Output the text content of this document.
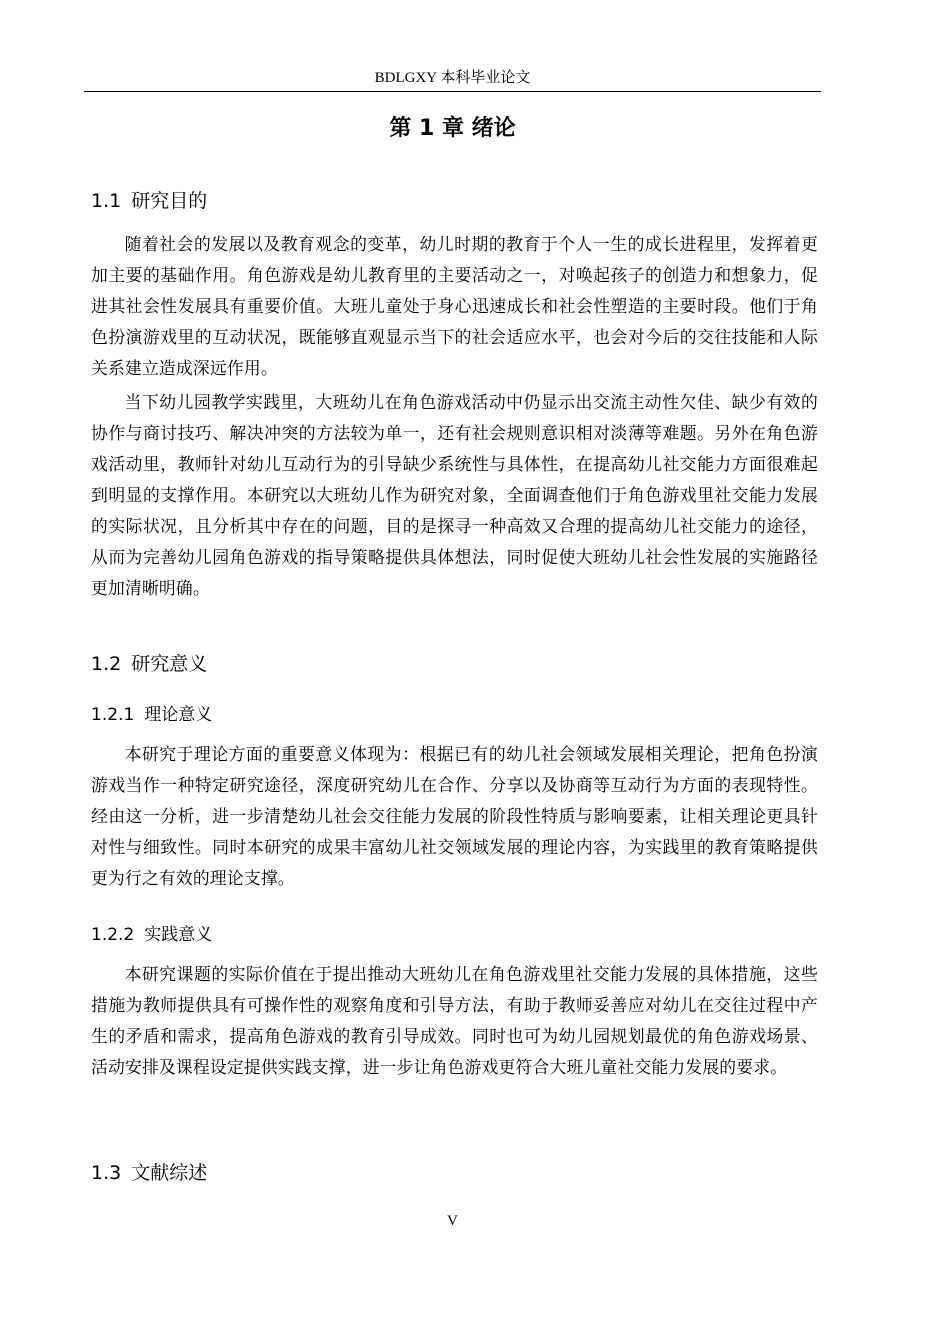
BDLGXY 本科毕业论文
第 1 章 绪论
1.1 研究目的

随着社会的发展以及教育观念的变革，幼儿时期的教育于个人一生的成长进程里，发挥着更加主要的基础作用。角色游戏是幼儿教育里的主要活动之一，对唤起孩子的创造力和想象力，促进其社会性发展具有重要价值。大班儿童处于身心迅速成长和社会性塑造的主要时段。他们于角色扮演游戏里的互动状况，既能够直观显示当下的社会适应水平，也会对今后的交往技能和人际关系建立造成深远作用。

当下幼儿园教学实践里，大班幼儿在角色游戏活动中仍显示出交流主动性欠佳、缺少有效的协作与商讨技巧、解决冲突的方法较为单一，还有社会规则意识相对淡薄等难题。另外在角色游戏活动里，教师针对幼儿互动行为的引导缺少系统性与具体性，在提高幼儿社交能力方面很难起到明显的支撑作用。本研究以大班幼儿作为研究对象，全面调查他们于角色游戏里社交能力发展的实际状况，且分析其中存在的问题，目的是探寻一种高效又合理的提高幼儿社交能力的途径，从而为完善幼儿园角色游戏的指导策略提供具体想法，同时促使大班幼儿社会性发展的实施路径更加清晰明确。

1.2 研究意义
1.2.1 理论意义

本研究于理论方面的重要意义体现为：根据已有的幼儿社会领域发展相关理论，把角色扮演游戏当作一种特定研究途径，深度研究幼儿在合作、分享以及协商等互动行为方面的表现特性。经由这一分析，进一步清楚幼儿社会交往能力发展的阶段性特质与影响要素，让相关理论更具针对性与细致性。同时本研究的成果丰富幼儿社交领域发展的理论内容，为实践里的教育策略提供更为行之有效的理论支撑。

1.2.2 实践意义

本研究课题的实际价值在于提出推动大班幼儿在角色游戏里社交能力发展的具体措施，这些措施为教师提供具有可操作性的观察角度和引导方法，有助于教师妥善应对幼儿在交往过程中产生的矛盾和需求，提高角色游戏的教育引导成效。同时也可为幼儿园规划最优的角色游戏场景、活动安排及课程设定提供实践支撑，进一步让角色游戏更符合大班儿童社交能力发展的要求。

1.3 文献综述
V
